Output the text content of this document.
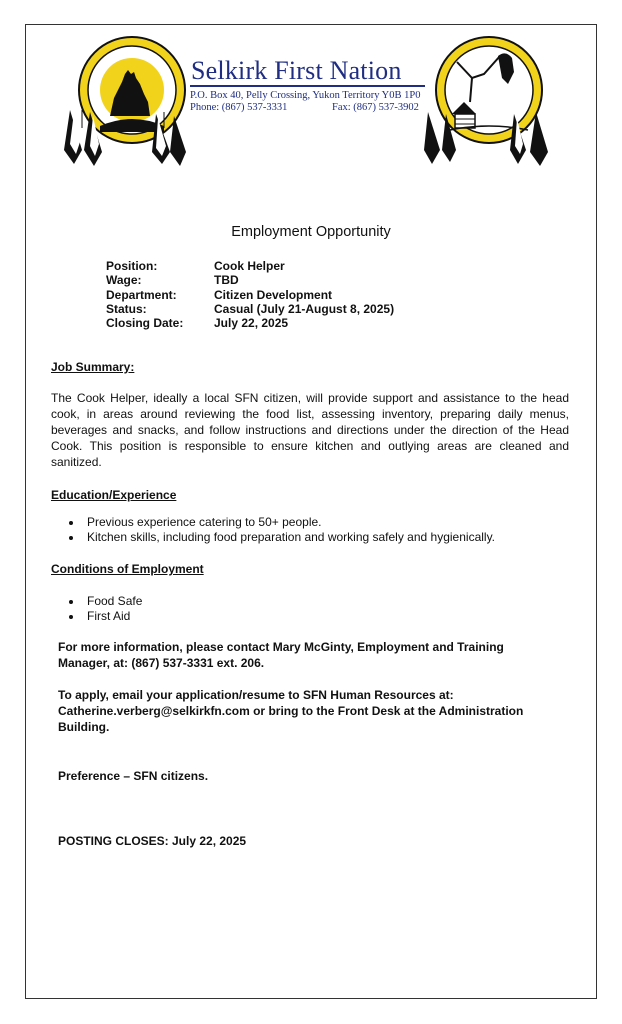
Selkirk First Nation
P.O. Box 40, Pelly Crossing, Yukon Territory Y0B 1P0
Phone: (867) 537-3331	Fax: (867) 537-3902
Employment Opportunity
Position:	Cook Helper
Wage:	TBD
Department:	Citizen Development
Status:	Casual (July 21-August 8, 2025)
Closing Date:	July 22, 2025
Job Summary:
The Cook Helper, ideally a local SFN citizen, will provide support and assistance to the head cook, in areas around reviewing the food list, assessing inventory, preparing daily menus, beverages and snacks, and follow instructions and directions under the direction of the Head Cook. This position is responsible to ensure kitchen and outlying areas are cleaned and sanitized.
Education/Experience
Previous experience catering to 50+ people.
Kitchen skills, including food preparation and working safely and hygienically.
Conditions of Employment
Food Safe
First Aid
For more information, please contact Mary McGinty, Employment and Training Manager, at: (867) 537-3331 ext. 206.
To apply, email your application/resume to SFN Human Resources at: Catherine.verberg@selkirkfn.com or bring to the Front Desk at the Administration Building.
Preference – SFN citizens.
POSTING CLOSES: July 22, 2025
